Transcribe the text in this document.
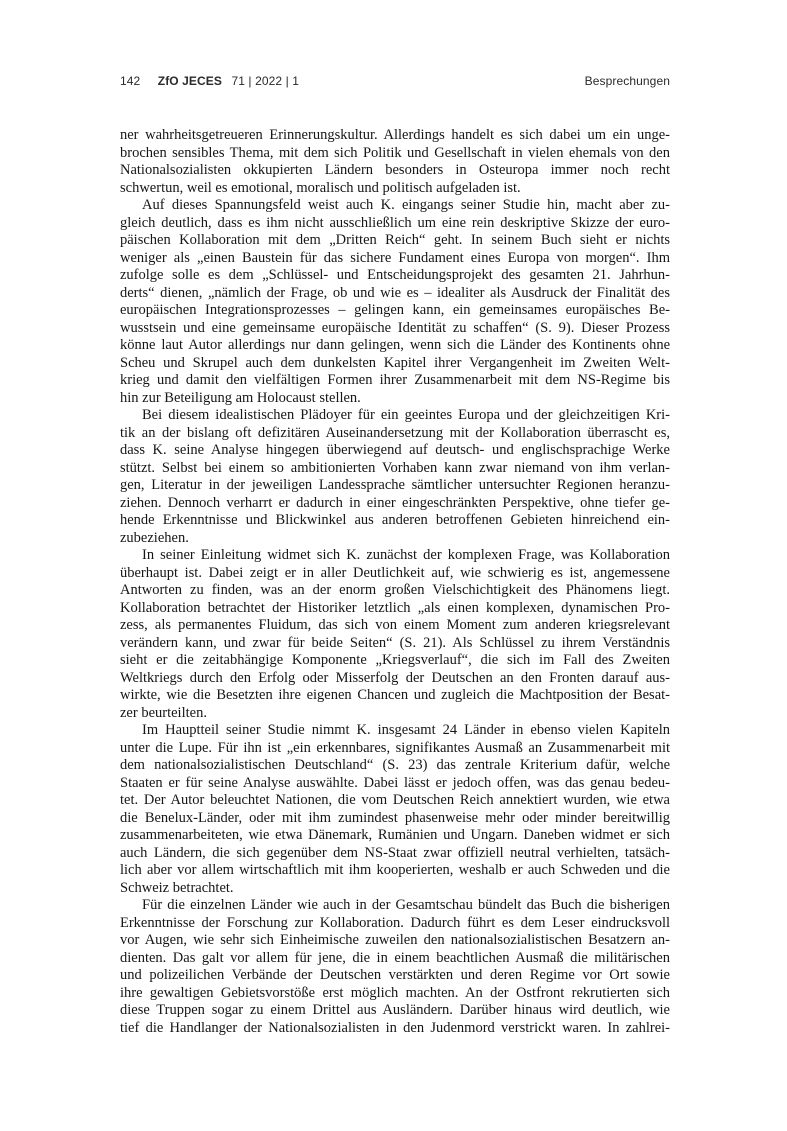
142 ZfO JECES 71 | 2022 | 1	Besprechungen
ner wahrheitsgetreueren Erinnerungskultur. Allerdings handelt es sich dabei um ein unge-
brochen sensibles Thema, mit dem sich Politik und Gesellschaft in vielen ehemals von den
Nationalsozialisten okkupierten Ländern besonders in Osteuropa immer noch recht
schwertun, weil es emotional, moralisch und politisch aufgeladen ist.
Auf dieses Spannungsfeld weist auch K. eingangs seiner Studie hin, macht aber zu-
gleich deutlich, dass es ihm nicht ausschließlich um eine rein deskriptive Skizze der euro-
päischen Kollaboration mit dem „Dritten Reich“ geht. In seinem Buch sieht er nichts
weniger als „einen Baustein für das sichere Fundament eines Europa von morgen“. Ihm
zufolge solle es dem „Schlüssel- und Entscheidungsprojekt des gesamten 21. Jahrhun-
derts“ dienen, „nämlich der Frage, ob und wie es – idealiter als Ausdruck der Finalität des
europäischen Integrationsprozesses – gelingen kann, ein gemeinsames europäisches Be-
wusstsein und eine gemeinsame europäische Identität zu schaffen“ (S. 9). Dieser Prozess
könne laut Autor allerdings nur dann gelingen, wenn sich die Länder des Kontinents ohne
Scheu und Skrupel auch dem dunkelsten Kapitel ihrer Vergangenheit im Zweiten Welt-
krieg und damit den vielfältigen Formen ihrer Zusammenarbeit mit dem NS-Regime bis
hin zur Beteiligung am Holocaust stellen.
Bei diesem idealistischen Plädoyer für ein geeintes Europa und der gleichzeitigen Kri-
tik an der bislang oft defizitären Auseinandersetzung mit der Kollaboration überrascht es,
dass K. seine Analyse hingegen überwiegend auf deutsch- und englischsprachige Werke
stützt. Selbst bei einem so ambitionierten Vorhaben kann zwar niemand von ihm verlan-
gen, Literatur in der jeweiligen Landessprache sämtlicher untersuchter Regionen heranzu-
ziehen. Dennoch verharrt er dadurch in einer eingeschränkten Perspektive, ohne tiefer ge-
hende Erkenntnisse und Blickwinkel aus anderen betroffenen Gebieten hinreichend ein-
zubeziehen.
In seiner Einleitung widmet sich K. zunächst der komplexen Frage, was Kollaboration
überhaupt ist. Dabei zeigt er in aller Deutlichkeit auf, wie schwierig es ist, angemessene
Antworten zu finden, was an der enorm großen Vielschichtigkeit des Phänomens liegt.
Kollaboration betrachtet der Historiker letztlich „als einen komplexen, dynamischen Pro-
zess, als permanentes Fluidum, das sich von einem Moment zum anderen kriegsrelevant
verändern kann, und zwar für beide Seiten“ (S. 21). Als Schlüssel zu ihrem Verständnis
sieht er die zeitabhängige Komponente „Kriegsverlauf“, die sich im Fall des Zweiten
Weltkriegs durch den Erfolg oder Misserfolg der Deutschen an den Fronten darauf aus-
wirkte, wie die Besetzten ihre eigenen Chancen und zugleich die Machtposition der Besat-
zer beurteilten.
Im Hauptteil seiner Studie nimmt K. insgesamt 24 Länder in ebenso vielen Kapiteln
unter die Lupe. Für ihn ist „ein erkennbares, signifikantes Ausmaß an Zusammenarbeit mit
dem nationalsozialistischen Deutschland“ (S. 23) das zentrale Kriterium dafür, welche
Staaten er für seine Analyse auswählte. Dabei lässt er jedoch offen, was das genau bedeu-
tet. Der Autor beleuchtet Nationen, die vom Deutschen Reich annektiert wurden, wie etwa
die Benelux-Länder, oder mit ihm zumindest phasenweise mehr oder minder bereitwillig
zusammenarbeiteten, wie etwa Dänemark, Rumänien und Ungarn. Daneben widmet er sich
auch Ländern, die sich gegenüber dem NS-Staat zwar offiziell neutral verhielten, tatsäch-
lich aber vor allem wirtschaftlich mit ihm kooperierten, weshalb er auch Schweden und die
Schweiz betrachtet.
Für die einzelnen Länder wie auch in der Gesamtschau bündelt das Buch die bisherigen
Erkenntnisse der Forschung zur Kollaboration. Dadurch führt es dem Leser eindrucksvoll
vor Augen, wie sehr sich Einheimische zuweilen den nationalsozialistischen Besatzern an-
dienten. Das galt vor allem für jene, die in einem beachtlichen Ausmaß die militärischen
und polizeilichen Verbände der Deutschen verstärkten und deren Regime vor Ort sowie
ihre gewaltigen Gebietsvorstöße erst möglich machten. An der Ostfront rekrutierten sich
diese Truppen sogar zu einem Drittel aus Ausländern. Darüber hinaus wird deutlich, wie
tief die Handlanger der Nationalsozialisten in den Judenmord verstrickt waren. In zahlrei-
